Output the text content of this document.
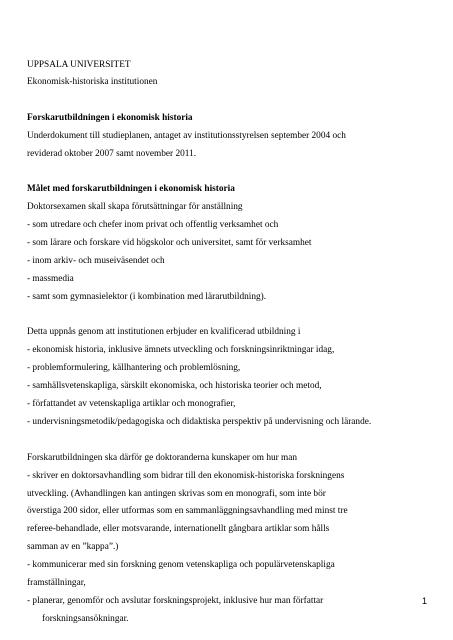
UPPSALA UNIVERSITET
Ekonomisk-historiska institutionen
Forskarutbildningen i ekonomisk historia
Underdokument till studieplanen, antaget av institutionsstyrelsen september 2004 och
reviderad oktober 2007 samt november 2011.
Målet med forskarutbildningen i ekonomisk historia
Doktorsexamen skall skapa förutsättningar för anställning
- som utredare och chefer inom privat och offentlig verksamhet och
- som lärare och forskare vid högskolor och universitet, samt för verksamhet
- inom arkiv- och museiväsendet och
- massmedia
- samt som gymnasielektor (i kombination med lärarutbildning).
Detta uppnås genom att institutionen erbjuder en kvalificerad utbildning i
- ekonomisk historia, inklusive ämnets utveckling och forskningsinriktningar idag,
- problemformulering, källhantering och problemlösning,
- samhällsvetenskapliga, särskilt ekonomiska, och historiska teorier och metod,
- författandet av vetenskapliga artiklar och monografier,
- undervisningsmetodik/pedagogiska och didaktiska perspektiv på undervisning och lärande.
Forskarutbildningen ska därför ge doktoranderna kunskaper om hur man
- skriver en doktorsavhandling som bidrar till den ekonomisk-historiska forskningens
utveckling. (Avhandlingen kan antingen skrivas som en monografi, som inte bör
överstiga 200 sidor, eller utformas som en sammanläggningsavhandling med minst tre
referee-behandlade, eller motsvarande, internationellt gångbara artiklar som hålls
samman av en ”kappa”.)
- kommunicerar med sin forskning genom vetenskapliga och populärvetenskapliga
framställningar,
- planerar, genomför och avslutar forskningsprojekt, inklusive hur man författar
forskningsansökningar.
1
